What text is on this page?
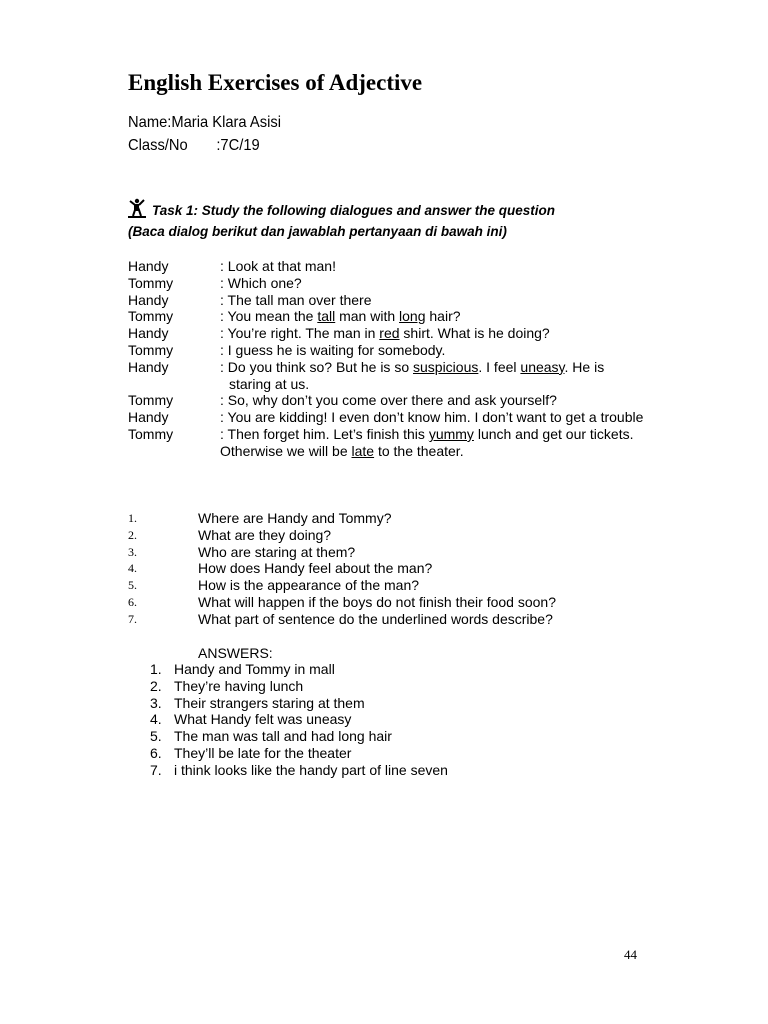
English Exercises of Adjective
Name:Maria Klara Asisi
Class/No :7C/19
Task 1: Study the following dialogues and answer the question
(Baca dialog berikut dan jawablah pertanyaan di bawah ini)
Handy	: Look at that man!
Tommy	: Which one?
Handy	: The tall man over there
Tommy	: You mean the tall man with long hair?
Handy	: You’re right. The man in red shirt. What is he doing?
Tommy	: I guess he is waiting for somebody.
Handy	: Do you think so? But he is so suspicious. I feel uneasy. He is staring at us.
Tommy	: So, why don’t you come over there and ask yourself?
Handy	: You are kidding! I even don’t know him. I don’t want to get a trouble
Tommy	: Then forget him. Let’s finish this yummy lunch and get our tickets.
Otherwise we will be late to the theater.
1.	Where are Handy and Tommy?
2.	What are they doing?
3.	Who are staring at them?
4.	How does Handy feel about the man?
5.	How is the appearance of the man?
6.	What will happen if the boys do not finish their food soon?
7.	What part of sentence do the underlined words describe?
ANSWERS:
1. Handy and Tommy in mall
2. They’re having lunch
3. Their strangers staring at them
4. What Handy felt was uneasy
5. The man was tall and had long hair
6. They’ll be late for the theater
7. i think looks like the handy part of line seven
44
